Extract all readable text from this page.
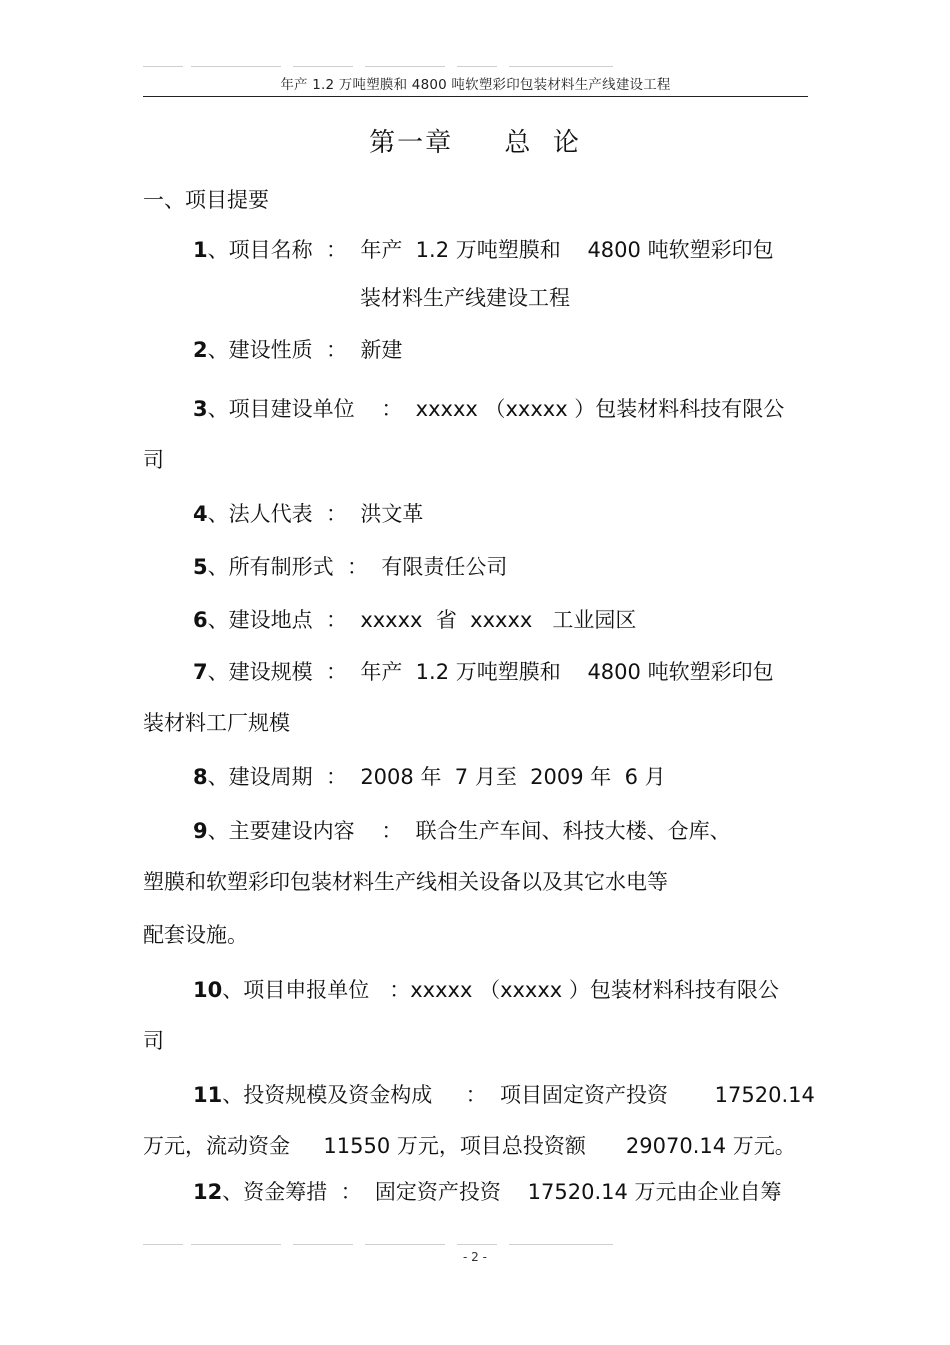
年产 1.2 万吨塑膜和 4800 吨软塑彩印包装材料生产线建设工程
第一章     总  论
一、项目提要
1、项目名称  ：  年产  1.2 万吨塑膜和    4800 吨软塑彩印包
装材料生产线建设工程
2、建设性质  ：  新建
3、项目建设单位    ：  xxxxx （xxxxx ）包装材料科技有限公
司
4、法人代表  ：  洪文革
5、所有制形式  ：  有限责任公司
6、建设地点  ：  xxxxx  省  xxxxx   工业园区
7、建设规模  ：  年产  1.2 万吨塑膜和    4800 吨软塑彩印包
装材料工厂规模
8、建设周期  ：  2008 年  7 月至  2009 年  6 月
9、主要建设内容    ：  联合生产车间、科技大楼、仓库、
塑膜和软塑彩印包装材料生产线相关设备以及其它水电等
配套设施。
10、项目申报单位   ：xxxxx （xxxxx ）包装材料科技有限公
司
11、投资规模及资金构成     ：  项目固定资产投资       17520.14
万元，流动资金     11550 万元，项目总投资额      29070.14 万元。
12、资金筹措  ：  固定资产投资    17520.14 万元由企业自筹
- 2 -
